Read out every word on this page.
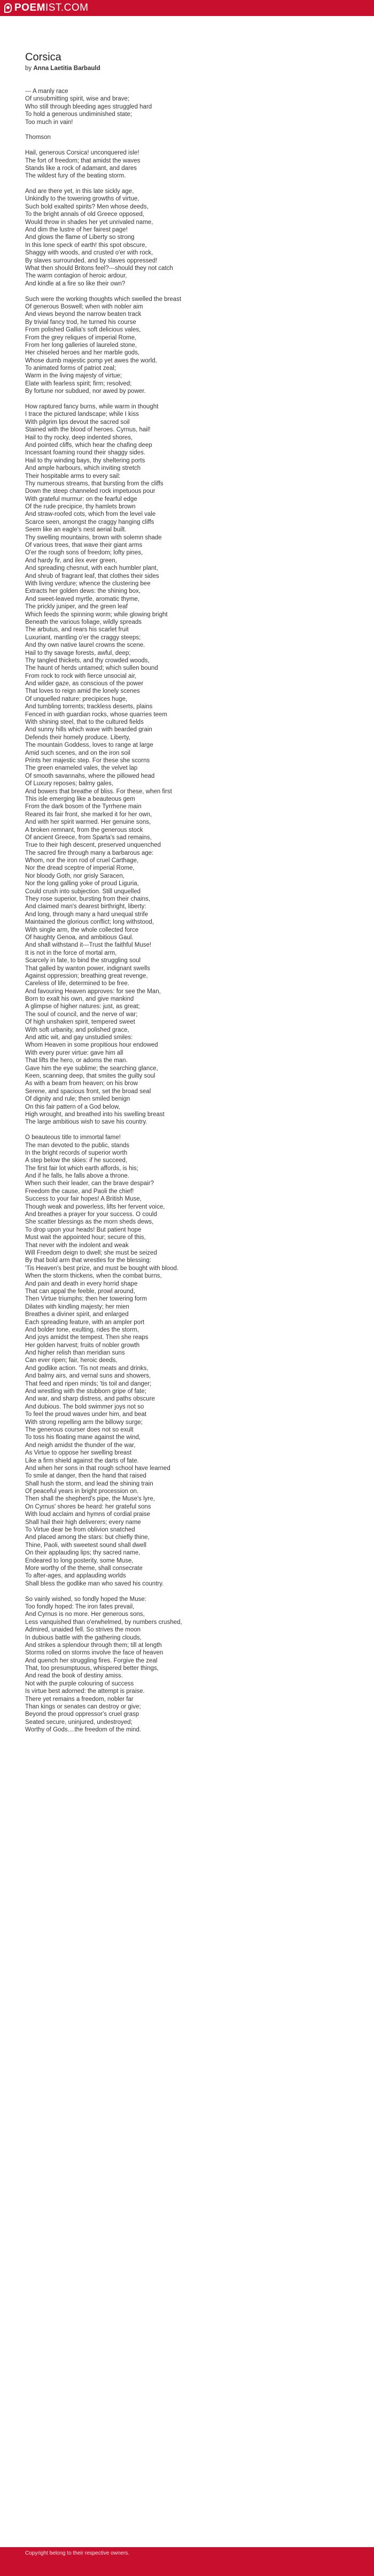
POEMIST.COM
Corsica
by Anna Laetitia Barbauld
--- A manly race
Of unsubmitting spirit, wise and brave;
Who still through bleeding ages struggled hard
To hold a generous undiminished state;
Too much in vain!
Thomson
Hail, generous Corsica! unconquered isle!
The fort of freedom; that amidst the waves
Stands like a rock of adamant, and dares
The wildest fury of the beating storm.
And are there yet, in this late sickly age,
Unkindly to the towering growths of virtue,
Such bold exalted spirits? Men whose deeds,
To the bright annals of old Greece opposed,
Would throw in shades her yet unrivaled name,
And dim the lustre of her fairest page!
And glows the flame of Liberty so strong
In this lone speck of earth! this spot obscure,
Shaggy with woods, and crusted o'er with rock,
By slaves surrounded, and by slaves oppressed!
What then should Britons feel?---should they not catch
The warm contagion of heroic ardour,
And kindle at a fire so like their own?
Such were the working thoughts which swelled the breast
Of generous Boswell; when with nobler aim
And views beyond the narrow beaten track
By trivial fancy trod, he turned his course
From polished Gallia's soft delicious vales,
From the grey reliques of imperial Rome,
From her long galleries of laureled stone,
Her chiseled heroes and her marble gods,
Whose dumb majestic pomp yet awes the world,
To animated forms of patriot zeal;
Warm in the living majesty of virtue;
Elate with fearless spirit; firm; resolved;
By fortune nor subdued, nor awed by power.
How raptured fancy burns, while warm in thought
I trace the pictured landscape; while I kiss
With pilgrim lips devout the sacred soil
Stained with the blood of heroes. Cyrnus, hail!
Hail to thy rocky, deep indented shores,
And pointed cliffs, which hear the chafing deep
Incessant foaming round their shaggy sides.
Hail to thy winding bays, thy sheltering ports
And ample harbours, which inviting stretch
Their hospitable arms to every sail:
Thy numerous streams, that bursting from the cliffs
Down the steep channeled rock impetuous pour
With grateful murmur: on the fearful edge
Of the rude precipice, thy hamlets brown
And straw-roofed cots, which from the level vale
Scarce seen, amongst the craggy hanging cliffs
Seem like an eagle's nest aerial built.
Thy swelling mountains, brown with solemn shade
Of various trees, that wave their giant arms
O'er the rough sons of freedom; lofty pines,
And hardy fir, and ilex ever green,
And spreading chesnut, with each humbler plant,
And shrub of fragrant leaf, that clothes their sides
With living verdure; whence the clustering bee
Extracts her golden dews: the shining box,
And sweet-leaved myrtle, aromatic thyme,
The prickly juniper, and the green leaf
Which feeds the spinning worm; while glowing bright
Beneath the various foliage, wildly spreads
The arbutus, and rears his scarlet fruit
Luxuriant, mantling o'er the craggy steeps;
And thy own native laurel crowns the scene.
Hail to thy savage forests, awful, deep;
Thy tangled thickets, and thy crowded woods,
The haunt of herds untamed; which sullen bound
From rock to rock with fierce unsocial air,
And wilder gaze, as conscious of the power
That loves to reign amid the lonely scenes
Of unquelled nature: precipices huge,
And tumbling torrents; trackless deserts, plains
Fenced in with guardian rocks, whose quarries teem
With shining steel, that to the cultured fields
And sunny hills which wave with bearded grain
Defends their homely produce. Liberty,
The mountain Goddess, loves to range at large
Amid such scenes, and on the iron soil
Prints her majestic step. For these she scorns
The green enameled vales, the velvet lap
Of smooth savannahs, where the pillowed head
Of Luxury reposes; balmy gales,
And bowers that breathe of bliss. For these, when first
This isle emerging like a beauteous gem
From the dark bosom of the Tyrrhene main
Reared its fair front, she marked it for her own,
And with her spirit warmed. Her genuine sons,
A broken remnant, from the generous stock
Of ancient Greece, from Sparta's sad remains,
True to their high descent, preserved unquenched
The sacred fire through many a barbarous age:
Whom, nor the iron rod of cruel Carthage,
Nor the dread sceptre of imperial Rome,
Nor bloody Goth, nor grisly Saracen,
Nor the long galling yoke of proud Liguria,
Could crush into subjection. Still unquelled
They rose superior, bursting from their chains,
And claimed man's dearest birthright, liberty:
And long, through many a hard unequal strife
Maintained the glorious conflict; long withstood,
With single arm, the whole collected force
Of haughty Genoa, and ambitious Gaul.
And shall withstand it---Trust the faithful Muse!
It is not in the force of mortal arm,
Scarcely in fate, to bind the struggling soul
That galled by wanton power, indignant swells
Against oppression; breathing great revenge,
Careless of life, determined to be free.
And favouring Heaven approves: for see the Man,
Born to exalt his own, and give mankind
A glimpse of higher natures: just, as great;
The soul of council, and the nerve of war;
Of high unshaken spirit, tempered sweet
With soft urbanity, and polished grace,
And attic wit, and gay unstudied smiles:
Whom Heaven in some propitious hour endowed
With every purer virtue: gave him all
That lifts the hero, or adorns the man.
Gave him the eye sublime; the searching glance,
Keen, scanning deep, that smites the guilty soul
As with a beam from heaven; on his brow
Serene, and spacious front, set the broad seal
Of dignity and rule; then smiled benign
On this fair pattern of a God below,
High wrought, and breathed into his swelling breast
The large ambitious wish to save his country.
O beauteous title to immortal fame!
The man devoted to the public, stands
In the bright records of superior worth
A step below the skies: if he succeed,
The first fair lot which earth affords, is his;
And if he falls, he falls above a throne.
When such their leader, can the brave despair?
Freedom the cause, and Paoli the chief!
Success to your fair hopes! A British Muse,
Though weak and powerless, lifts her fervent voice,
And breathes a prayer for your success. O could
She scatter blessings as the morn sheds dews,
To drop upon your heads! But patient hope
Must wait the appointed hour; secure of this,
That never with the indolent and weak
Will Freedom deign to dwell; she must be seized
By that bold arm that wrestles for the blessing:
'Tis Heaven's best prize, and must be bought with blood.
When the storm thickens, when the combat burns,
And pain and death in every horrid shape
That can appal the feeble, prowl around,
Then Virtue triumphs; then her towering form
Dilates with kindling majesty; her mien
Breathes a diviner spirit, and enlarged
Each spreading feature, with an ampler port
And bolder tone, exulting, rides the storm,
And joys amidst the tempest. Then she reaps
Her golden harvest; fruits of nobler growth
And higher relish than meridian suns
Can ever ripen; fair, heroic deeds,
And godlike action. 'Tis not meats and drinks,
And balmy airs, and vernal suns and showers,
That feed and ripen minds; 'tis toil and danger;
And wrestling with the stubborn gripe of fate;
And war, and sharp distress, and paths obscure
And dubious. The bold swimmer joys not so
To feel the proud waves under him, and beat
With strong repelling arm the billowy surge;
The generous courser does not so exult
To toss his floating mane against the wind,
And neigh amidst the thunder of the war,
As Virtue to oppose her swelling breast
Like a firm shield against the darts of fate.
And when her sons in that rough school have learned
To smile at danger, then the hand that raised
Shall hush the storm, and lead the shining train
Of peaceful years in bright procession on.
Then shall the shepherd's pipe, the Muse's lyre,
On Cyrnus' shores be heard: her grateful sons
With loud acclaim and hymns of cordial praise
Shall hail their high deliverers; every name
To Virtue dear be from oblivion snatched
And placed among the stars: but chiefly thine,
Thine, Paoli, with sweetest sound shall dwell
On their applauding lips; thy sacred name,
Endeared to long posterity, some Muse,
More worthy of the theme, shall consecrate
To after-ages, and applauding worlds
Shall bless the godlike man who saved his country.
So vainly wished, so fondly hoped the Muse:
Too fondly hoped: The iron fates prevail,
And Cyrnus is no more. Her generous sons,
Less vanquished than o'erwhelmed, by numbers crushed,
Admired, unaided fell. So strives the moon
In dubious battle with the gathering clouds,
And strikes a splendour through them; till at length
Storms rolled on storms involve the face of heaven
And quench her struggling fires. Forgive the zeal
That, too presumptuous, whispered better things,
And read the book of destiny amiss.
Not with the purple colouring of success
Is virtue best adorned: the attempt is praise.
There yet remains a freedom, nobler far
Than kings or senates can destroy or give;
Beyond the proud oppressor's cruel grasp
Seated secure, uninjured, undestroyed;
Worthy of Gods....the freedom of the mind.
Copyright belong to their respective owners.
